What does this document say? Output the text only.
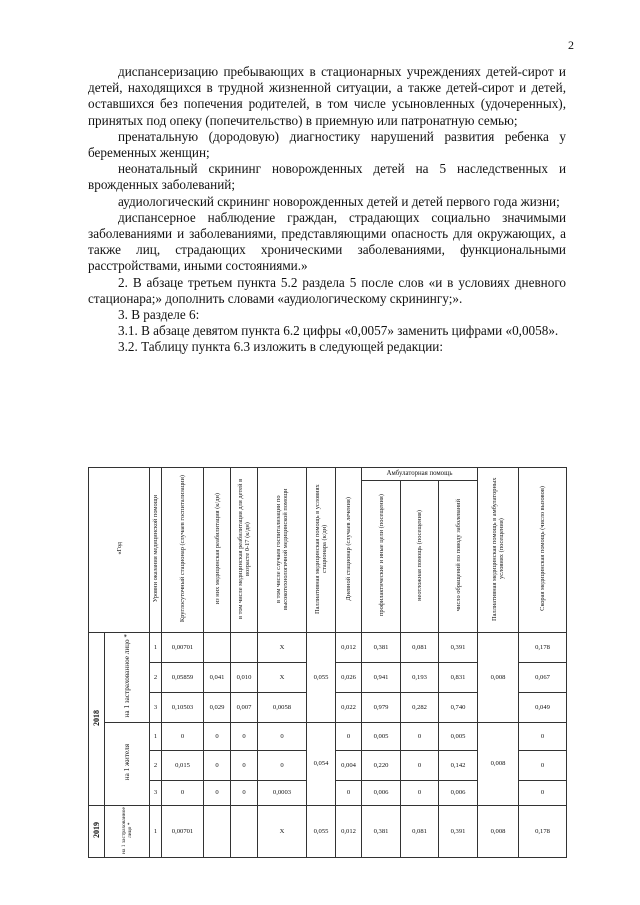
2

диспансеризацию пребывающих в стационарных учреждениях детей-сирот и детей, находящихся в трудной жизненной ситуации, а также детей-сирот и детей, оставшихся без попечения родителей, в том числе усыновленных (удочеренных), принятых под опеку (попечительство) в приемную или патронатную семью;

пренатальную (дородовую) диагностику нарушений развития ребенка у беременных женщин;

неонатальный скрининг новорожденных детей на 5 наследственных и врожденных заболеваний;

аудиологический скрининг новорожденных детей и детей первого года жизни;

диспансерное наблюдение граждан, страдающих социально значимыми заболеваниями и заболеваниями, представляющими опасность для окружающих, а также лиц, страдающих хроническими заболеваниями, функциональными расстройствами, иными состояниями.»

2. В абзаце третьем пункта 5.2 раздела 5 после слов «и в условиях дневного стационара;» дополнить словами «аудиологическому скринингу;».

3. В разделе 6:

3.1. В абзаце девятом пункта 6.2 цифры «0,0057» заменить цифрами «0,0058».

3.2. Таблицу пункта 6.3 изложить в следующей редакции:

«Год		Уровни оказания медицинской помощи	Круглосуточный стационар (случаев госпитализации)	из них медицинская реабилитация (к/дн)	в том числе медицинская реабилитация для детей в возрасте 0-17 (к/дн)	в том числе случаев госпитализации по высокотехнологичной медицинской помощи	Паллиативная медицинская помощь в условиях стационара (к/дн)	Дневной стационар (случаев лечения)	Амбулаторная помощь			Паллиативная медицинская помощь в амбулаторных условиях (посещения)	Скорая медицинская помощь (число вызовов)
									профилактические и иные цели (посещения)	неотложная помощь (посещения)	число обращений по поводу заболеваний		
2018	на 1 застрахованное лицо *	1	0,00701			X	0,055	0,012	0,381	0,081	0,391	0,008	0,178
		2	0,05859	0,041	0,010	X		0,026	0,941	0,193	0,831		0,067
		3	0,10503	0,029	0,007	0,0058		0,022	0,979	0,282	0,740		0,049
	на 1 жителя	1	0	0	0	0	0,054	0	0,005	0	0,005	0,008	0
		2	0,015	0	0	0		0,004	0,220	0	0,142		0
		3	0	0	0	0,0003		0	0,006	0	0,006		0
2019	на 1 застрахованное лицо *	1	0,00701			X	0,055	0,012	0,381	0,081	0,391	0,008	0,178
